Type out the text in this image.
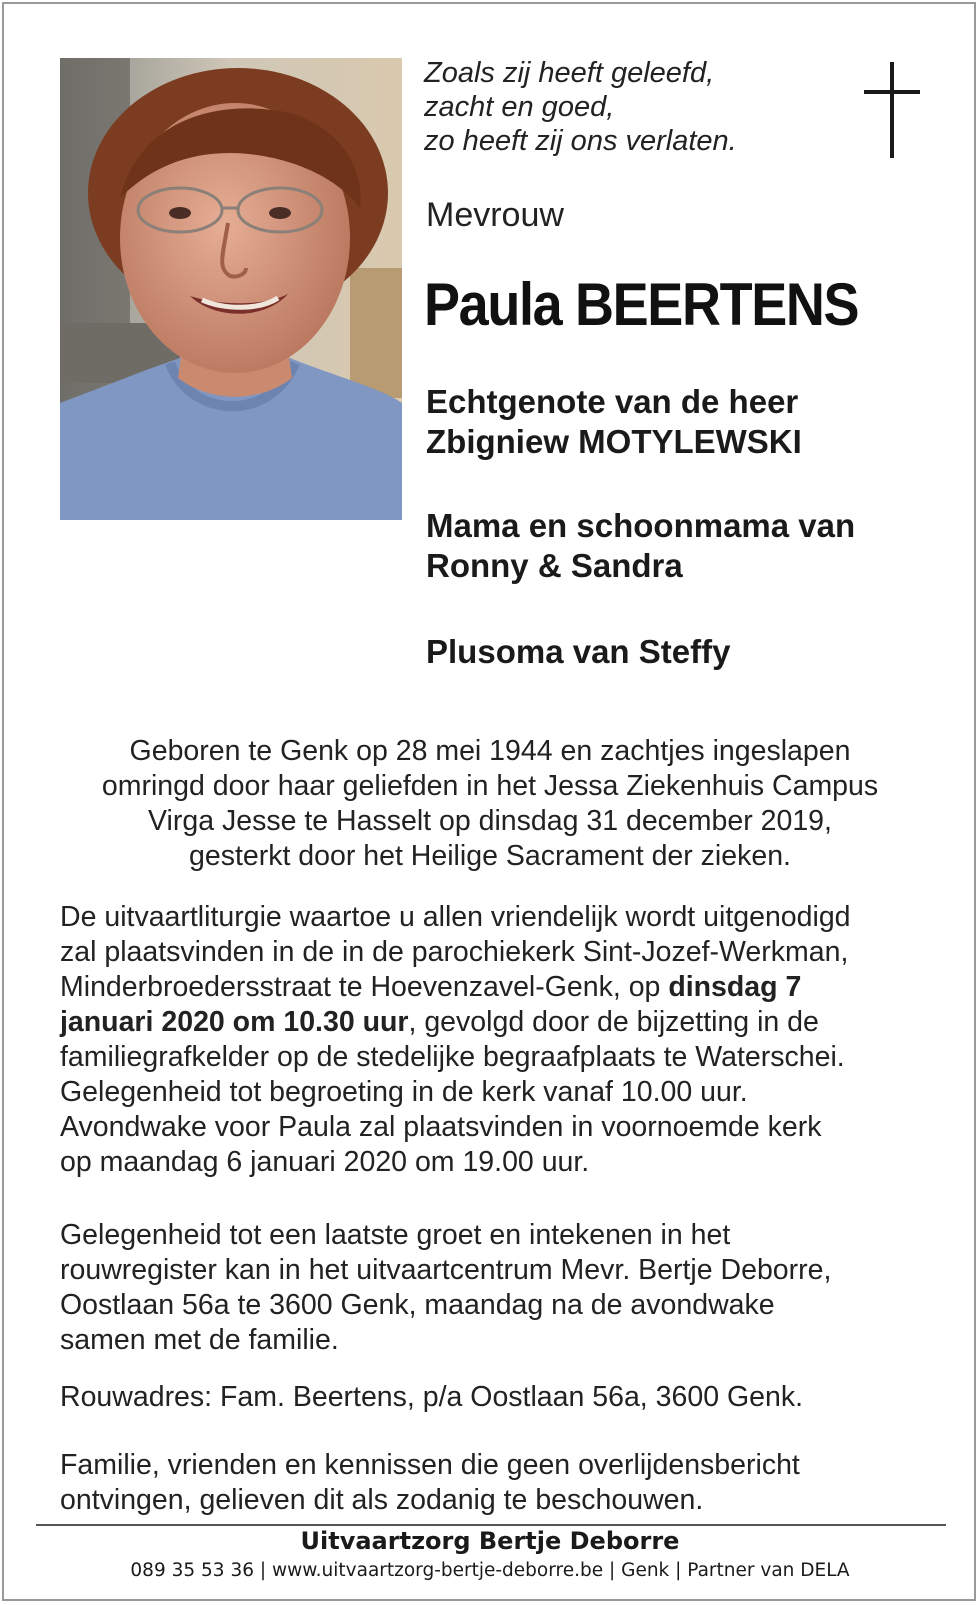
Zoals zij heeft geleefd,
zacht en goed,
zo heeft zij ons verlaten.
Mevrouw
Paula BEERTENS
Echtgenote van de heer
Zbigniew MOTYLEWSKI
Mama en schoonmama van
Ronny & Sandra
Plusoma van Steffy
Geboren te Genk op 28 mei 1944 en zachtjes ingeslapen
omringd door haar geliefden in het Jessa Ziekenhuis Campus
Virga Jesse te Hasselt op dinsdag 31 december 2019,
gesterkt door het Heilige Sacrament der zieken.
De uitvaartliturgie waartoe u allen vriendelijk wordt uitgenodigd
zal plaatsvinden in de in de parochiekerk Sint-Jozef-Werkman,
Minderbroedersstraat te Hoevenzavel-Genk, op dinsdag 7
januari 2020 om 10.30 uur, gevolgd door de bijzetting in de
familiegrafkelder op de stedelijke begraafplaats te Waterschei.
Gelegenheid tot begroeting in de kerk vanaf 10.00 uur.
Avondwake voor Paula zal plaatsvinden in voornoemde kerk
op maandag 6 januari 2020 om 19.00 uur.
Gelegenheid tot een laatste groet en intekenen in het
rouwregister kan in het uitvaartcentrum Mevr. Bertje Deborre,
Oostlaan 56a te 3600 Genk, maandag na de avondwake
samen met de familie.
Rouwadres: Fam. Beertens, p/a Oostlaan 56a, 3600 Genk.
Familie, vrienden en kennissen die geen overlijdensbericht
ontvingen, gelieven dit als zodanig te beschouwen.
Uitvaartzorg Bertje Deborre
089 35 53 36 | www.uitvaartzorg-bertje-deborre.be | Genk | Partner van DELA
